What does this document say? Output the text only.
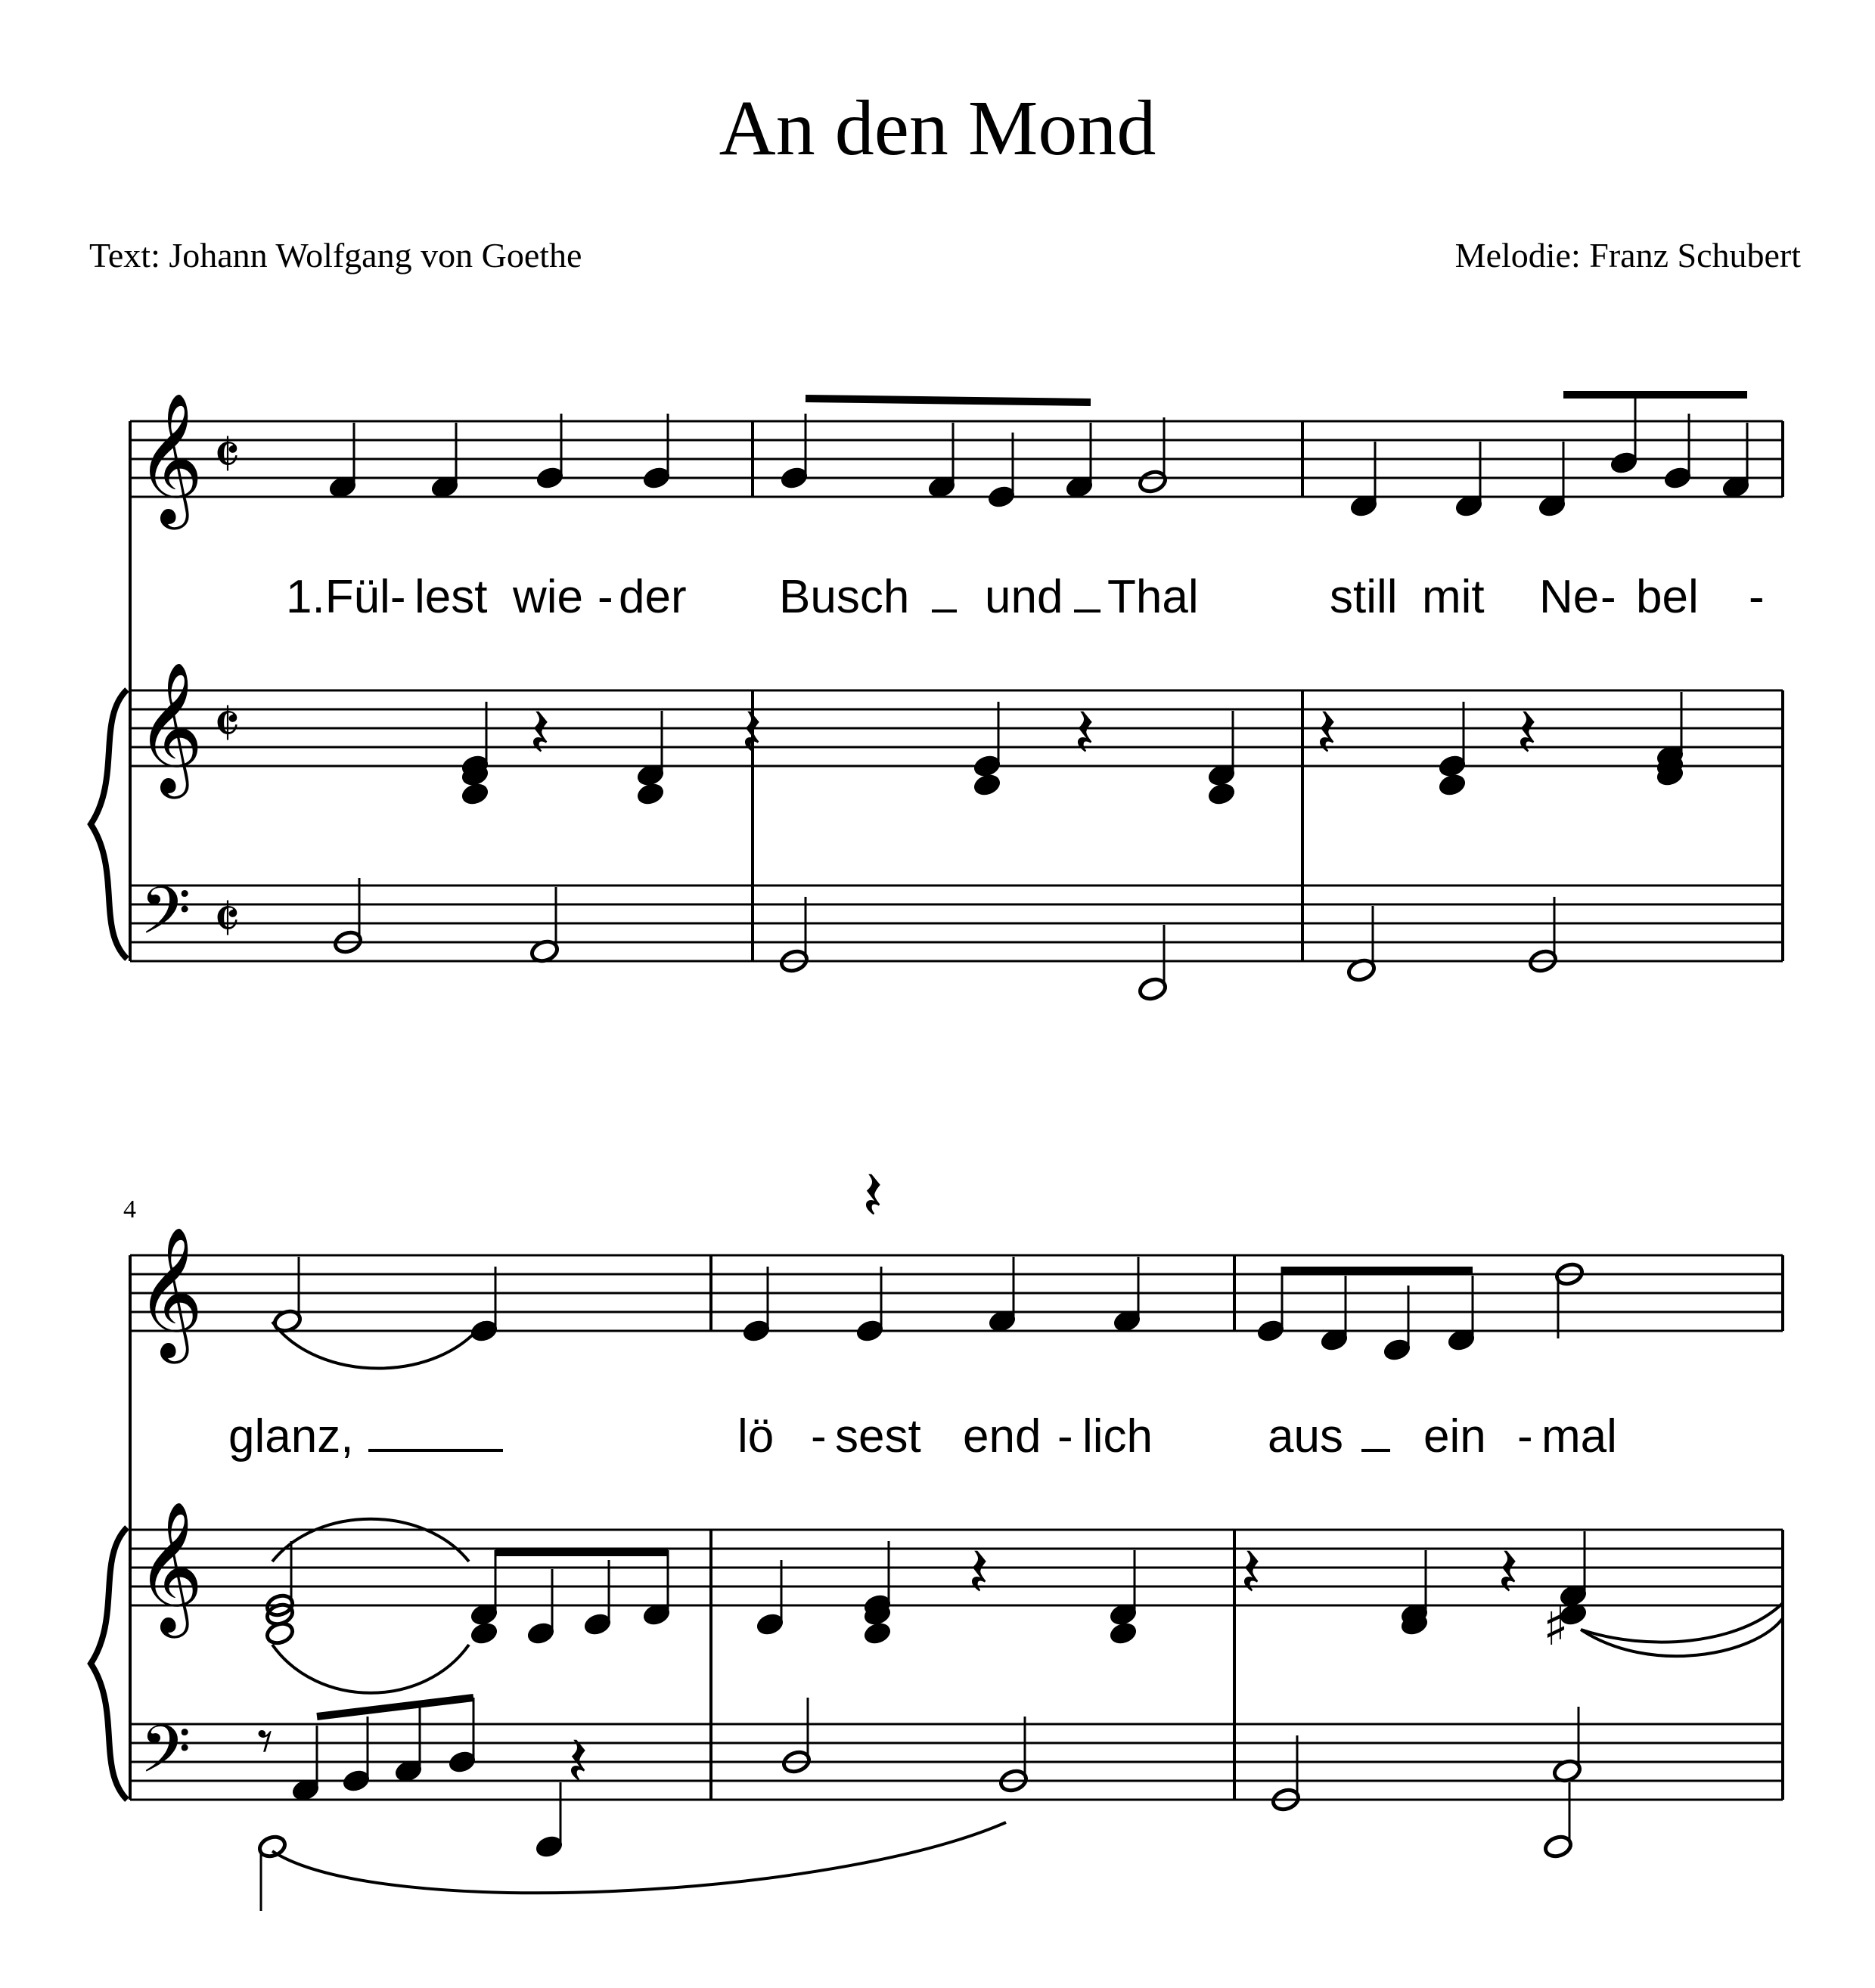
An den Mond
Text: Johann Wolfgang von Goethe	Melodie: Franz Schubert
4
𝄞
𝄞
𝄢
𝄞
𝄞
𝄢
𝄵
𝄵
𝄵
𝄽
𝄽	𝄽	𝄽	𝄽	𝄽
𝄽	𝄽	𝄽
𝄽
𝄾
♯
1.Fül- lest wie - der Busch und Thal	still mit Ne - bel -
glanz,	lö - sest end - lich aus ein - mal
